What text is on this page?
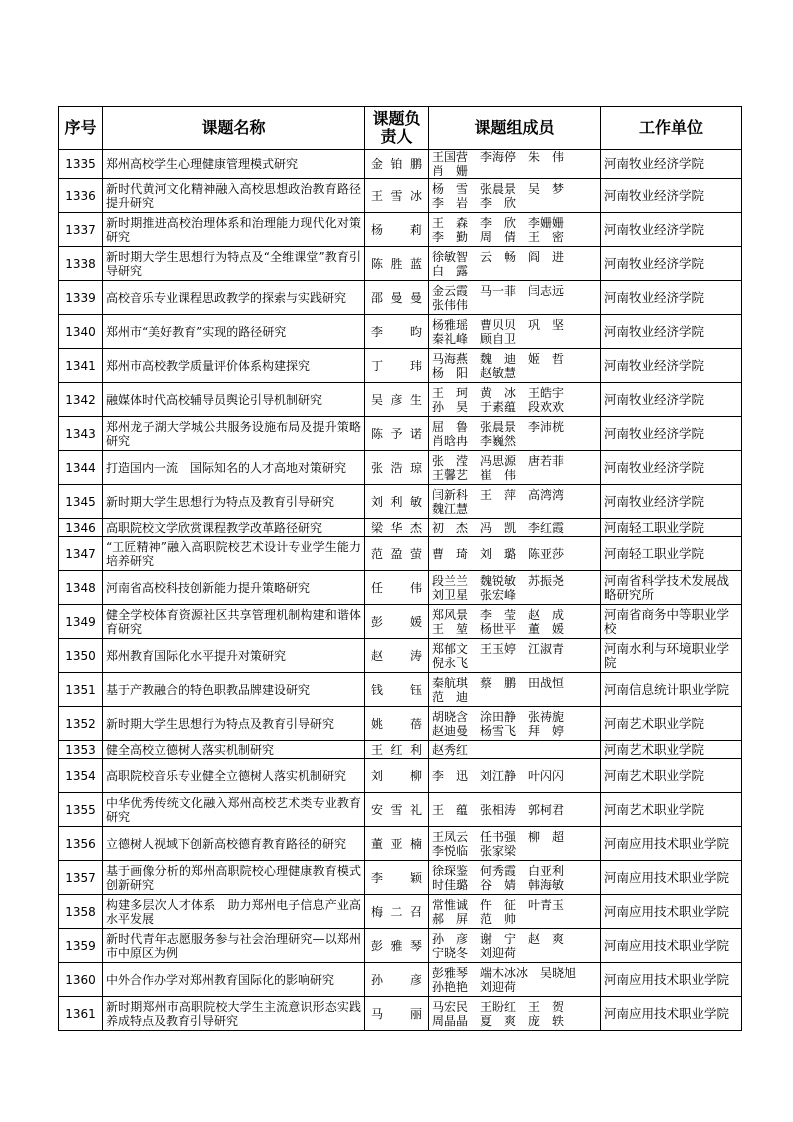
序号	课题名称	课题负责人	课题组成员	工作单位
1335	郑州高校学生心理健康管理模式研究	金铂鹏	王国营　李海停　朱　伟
肖　姗	河南牧业经济学院
1336	新时代黄河文化精神融入高校思想政治教育路径提升研究	王雪冰	杨　雪　张晨景　吴　梦
李　岩　李　欣	河南牧业经济学院
1337	新时期推进高校治理体系和治理能力现代化对策研究	杨　莉	王　森　李　欣　李姗姗
李　勤　周　倩　王　密	河南牧业经济学院
1338	新时期大学生思想行为特点及“全维课堂”教育引导研究	陈胜蓝	徐敏智　云　畅　阎　进
白　露	河南牧业经济学院
1339	高校音乐专业课程思政教学的探索与实践研究	邵曼曼	金云霞　马一菲　闫志远
张伟伟	河南牧业经济学院
1340	郑州市“美好教育”实现的路径研究	李　昀	杨雅瑶　曹贝贝　巩　坚
秦礼峰　顾自卫	河南牧业经济学院
1341	郑州市高校教学质量评价体系构建探究	丁　玮	马海燕　魏　迪　姬　哲
杨　阳　赵敏慧	河南牧业经济学院
1342	融媒体时代高校辅导员舆论引导机制研究	吴彦生	王　珂　黄　冰　王皓宇
孙　昊　于素蕴　段欢欢	河南牧业经济学院
1343	郑州龙子湖大学城公共服务设施布局及提升策略研究	陈予诺	屈　鲁　张晨景　李沛桄
肖晗冉　李巍然	河南牧业经济学院
1344	打造国内一流　国际知名的人才高地对策研究	张浩琼	张　滢　冯思源　唐若菲
王馨艺　崔　伟	河南牧业经济学院
1345	新时期大学生思想行为特点及教育引导研究	刘利敏	闫新科　王　萍　高湾湾
魏江慧	河南牧业经济学院
1346	高职院校文学欣赏课程教学改革路径研究	梁华杰	初　杰　冯　凯　李红霞	河南轻工职业学院
1347	“工匠精神”融入高职院校艺术设计专业学生能力培养研究	范盈萤	曹　琦　刘　璐　陈亚莎	河南轻工职业学院
1348	河南省高校科技创新能力提升策略研究	任　伟	段兰兰　魏锐敏　苏振尧
刘卫星　张宏峰	河南省科学技术发展战略研究所
1349	健全学校体育资源社区共享管理机制构建和谐体育研究	彭　媛	郑风景　李　莹　赵　成
王　堃　杨世平　董　媛	河南省商务中等职业学校
1350	郑州教育国际化水平提升对策研究	赵　涛	郑郁文　王玉婷　江淑青
倪永飞	河南水利与环境职业学院
1351	基于产教融合的特色职教品牌建设研究	钱　钰	秦航琪　蔡　鹏　田战恒
范　迪	河南信息统计职业学院
1352	新时期大学生思想行为特点及教育引导研究	姚　蓓	胡晓含　涂田静　张祷旎
赵迪曼　杨雪飞　拜　婷	河南艺术职业学院
1353	健全高校立德树人落实机制研究	王红利	赵秀红	河南艺术职业学院
1354	高职院校音乐专业健全立德树人落实机制研究	刘　柳	李　迅　刘江静　叶闪闪	河南艺术职业学院
1355	中华优秀传统文化融入郑州高校艺术类专业教育研究	安雪礼	王　蕴　张相涛　郭柯君	河南艺术职业学院
1356	立德树人视域下创新高校德育教育路径的研究	董亚楠	王凤云　任书强　柳　超
李悦临　张家梁	河南应用技术职业学院
1357	基于画像分析的郑州高职院校心理健康教育模式创新研究	李　颖	徐琛鉴　何秀霞　白亚利
时佳璐　谷　婧　韩海敏	河南应用技术职业学院
1358	构建多层次人才体系　助力郑州电子信息产业高水平发展	梅二召	常惟诚　仵　征　叶青玉
郝　屏　范　帅	河南应用技术职业学院
1359	新时代青年志愿服务参与社会治理研究—以郑州市中原区为例	彭雅琴	孙　彦　谢　宁　赵　爽
宁晓冬　刘迎荷	河南应用技术职业学院
1360	中外合作办学对郑州教育国际化的影响研究	孙　彦	彭雅琴　端木冰冰　吴晓旭
孙艳艳　刘迎荷	河南应用技术职业学院
1361	新时期郑州市高职院校大学生主流意识形态实践养成特点及教育引导研究	马　丽	马宏民　王盼红　王　贺
周晶晶　夏　爽　庞　轶	河南应用技术职业学院
